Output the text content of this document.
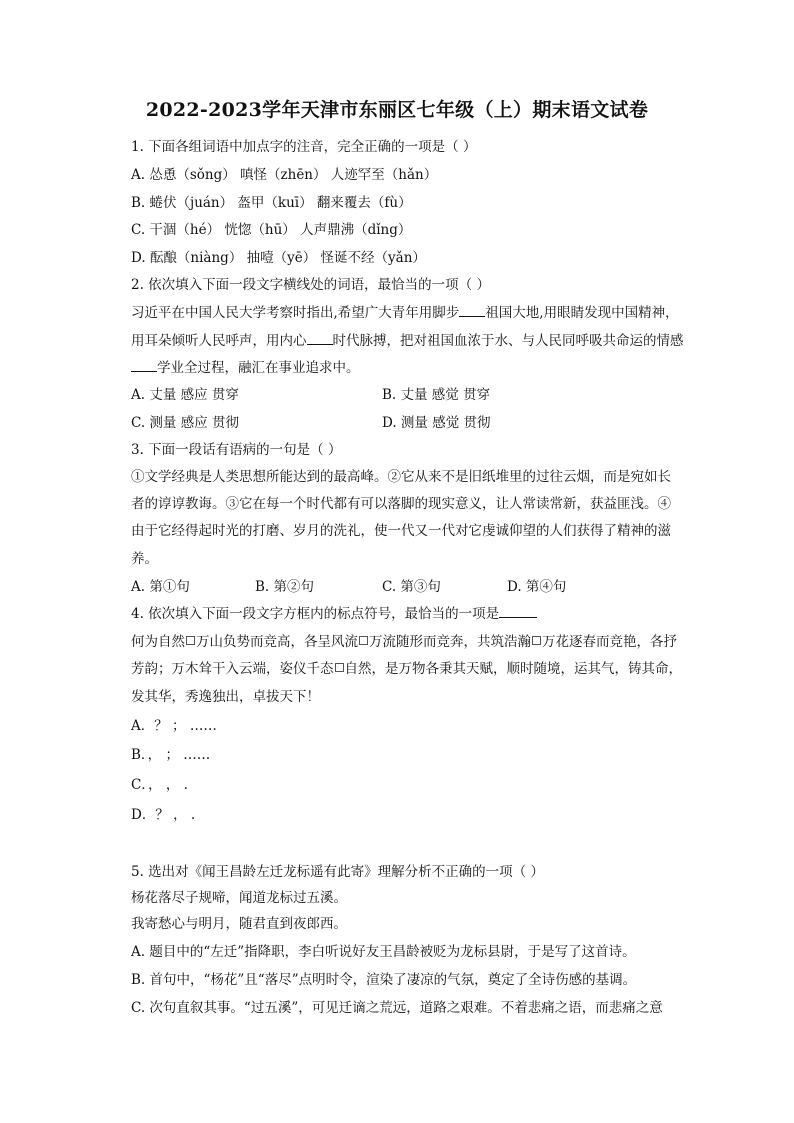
2022-2023学年天津市东丽区七年级（上）期末语文试卷
1. 下面各组词语中加点字的注音，完全正确的一项是（ ）
A. 怂恿（sǒng） 嗔怪（zhēn） 人迹罕至（hǎn）
B. 蜷伏（juán） 盔甲（kuī） 翻来覆去（fù）
C. 干涸（hé） 恍惚（hū） 人声鼎沸（dǐng）
D. 酝酿（niàng） 抽噎（yē） 怪诞不经（yǎn）
2. 依次填入下面一段文字横线处的词语，最恰当的一项（ ）
习近平在中国人民大学考察时指出,希望广大青年用脚步 祖国大地,用眼睛发现中国精神，
用耳朵倾听人民呼声，用内心 时代脉搏，把对祖国血浓于水、与人民同呼吸共命运的情感
学业全过程，融汇在事业追求中。
A. 丈量 感应 贯穿	B. 丈量 感觉 贯穿
C. 测量 感应 贯彻	D. 测量 感觉 贯彻
3. 下面一段话有语病的一句是（ ）
①文学经典是人类思想所能达到的最高峰。②它从来不是旧纸堆里的过往云烟，而是宛如长
者的谆谆教诲。③它在每一个时代都有可以落脚的现实意义，让人常读常新，获益匪浅。④
由于它经得起时光的打磨、岁月的洗礼，使一代又一代对它虔诚仰望的人们获得了精神的滋
养。
A. 第①句	B. 第②句	C. 第③句	D. 第④句
4. 依次填入下面一段文字方框内的标点符号，最恰当的一项是
何为自然 万山负势而竞高，各呈风流 万流随形而竞奔，共筑浩瀚 万花逐春而竞艳，各抒
芳韵；万木耸干入云端，姿仪千态 自然，是万物各秉其天赋，顺时随境，运其气，铸其命，
发其华，秀逸独出，卓拔天下！
A．？ ； ……
B．， ； ……
C．， ， .
D．？ ， .
5. 选出对《闻王昌龄左迁龙标遥有此寄》理解分析不正确的一项（ ）
杨花落尽子规啼，闻道龙标过五溪。
我寄愁心与明月，随君直到夜郎西。
A. 题目中的“左迁”指降职，李白听说好友王昌龄被贬为龙标县尉，于是写了这首诗。
B. 首句中，“杨花”且“落尽”点明时令，渲染了凄凉的气氛，奠定了全诗伤感的基调。
C. 次句直叙其事。“过五溪”，可见迁谪之荒远，道路之艰难。不着悲痛之语，而悲痛之意
